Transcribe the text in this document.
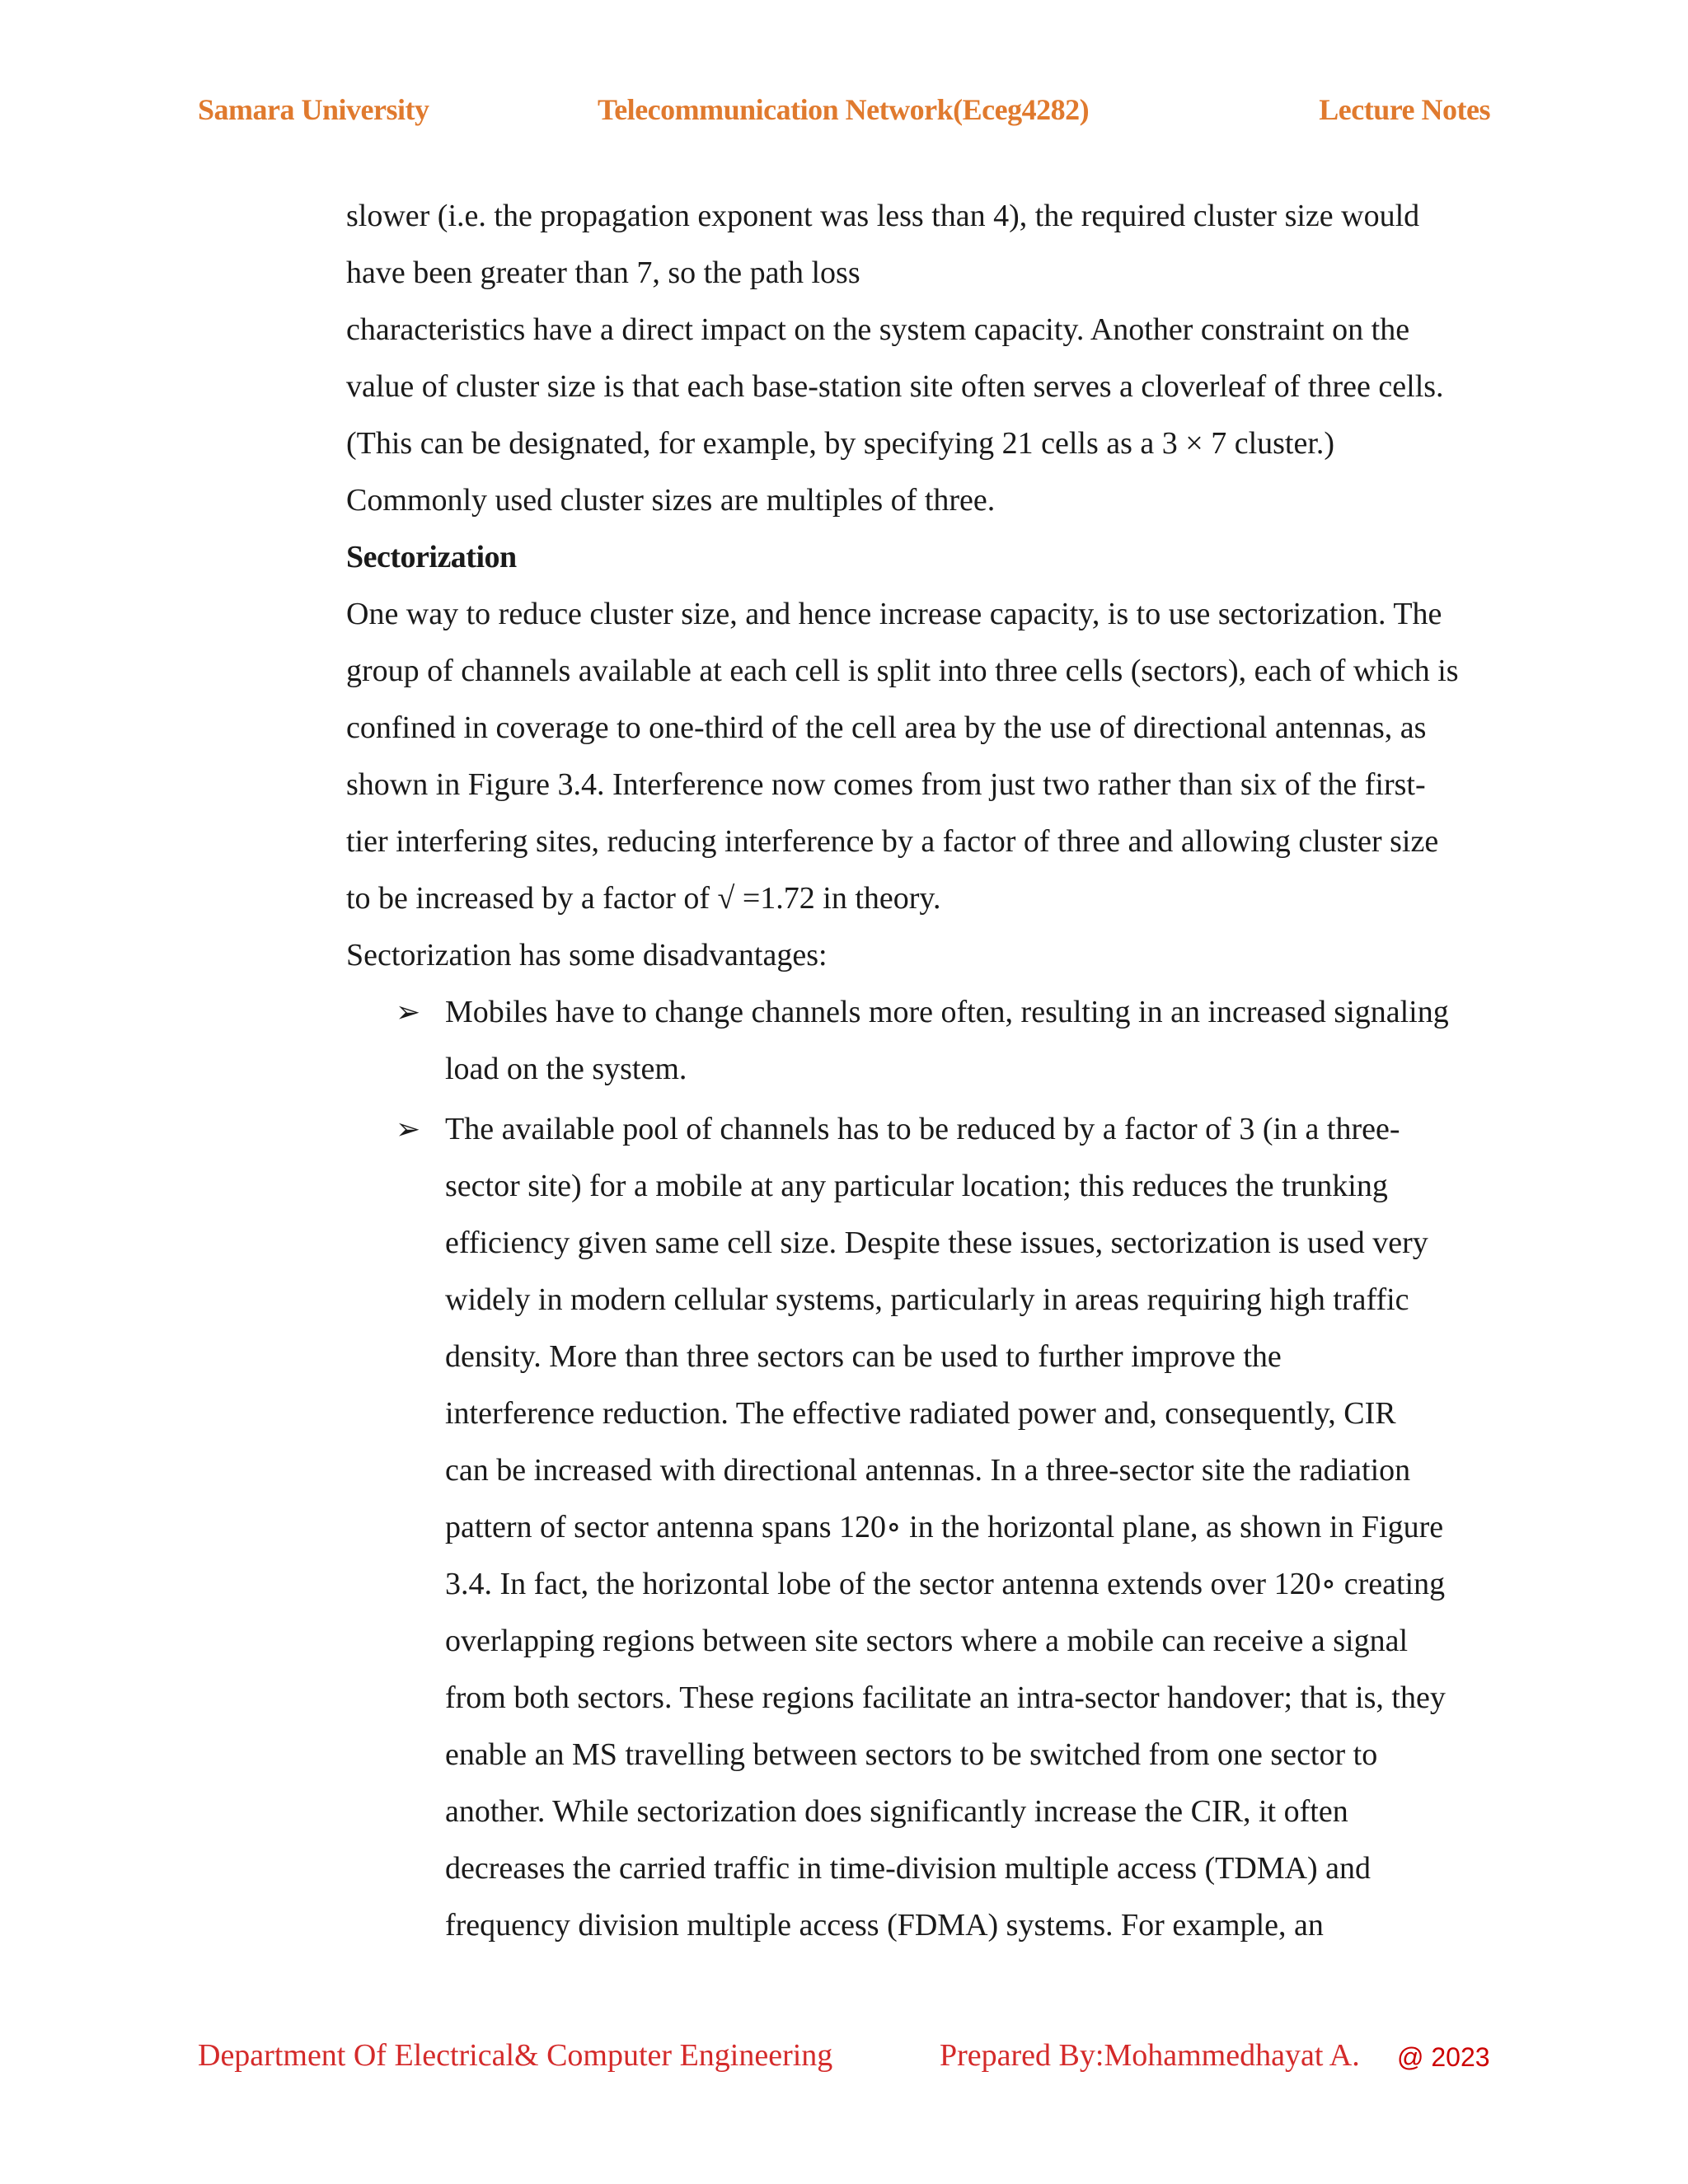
Samara University	Telecommunication Network(Eceg4282)	Lecture Notes

slower (i.e. the propagation exponent was less than 4), the required cluster size would

have been greater than 7, so the path loss

characteristics have a direct impact on the system capacity. Another constraint on the

value of cluster size is that each base-station site often serves a cloverleaf of three cells.

(This can be designated, for example, by specifying 21 cells as a 3 × 7 cluster.)

Commonly used cluster sizes are multiples of three.

Sectorization

One way to reduce cluster size, and hence increase capacity, is to use sectorization. The

group of channels available at each cell is split into three cells (sectors), each of which is

confined in coverage to one-third of the cell area by the use of directional antennas, as

shown in Figure 3.4. Interference now comes from just two rather than six of the first-

tier interfering sites, reducing interference by a factor of three and allowing cluster size

to be increased by a factor of √ =1.72 in theory.

Sectorization has some disadvantages:

➢ Mobiles have to change channels more often, resulting in an increased signaling
load on the system.
➢ The available pool of channels has to be reduced by a factor of 3 (in a three-
sector site) for a mobile at any particular location; this reduces the trunking
efficiency given same cell size. Despite these issues, sectorization is used very
widely in modern cellular systems, particularly in areas requiring high traffic
density. More than three sectors can be used to further improve the
interference reduction. The effective radiated power and, consequently, CIR
can be increased with directional antennas. In a three-sector site the radiation
pattern of sector antenna spans 120∘ in the horizontal plane, as shown in Figure
3.4. In fact, the horizontal lobe of the sector antenna extends over 120∘ creating
overlapping regions between site sectors where a mobile can receive a signal
from both sectors. These regions facilitate an intra-sector handover; that is, they
enable an MS travelling between sectors to be switched from one sector to
another. While sectorization does significantly increase the CIR, it often
decreases the carried traffic in time-division multiple access (TDMA) and
frequency division multiple access (FDMA) systems. For example, an
Department Of Electrical& Computer Engineering	Prepared By:Mohammedhayat A. @ 2023
